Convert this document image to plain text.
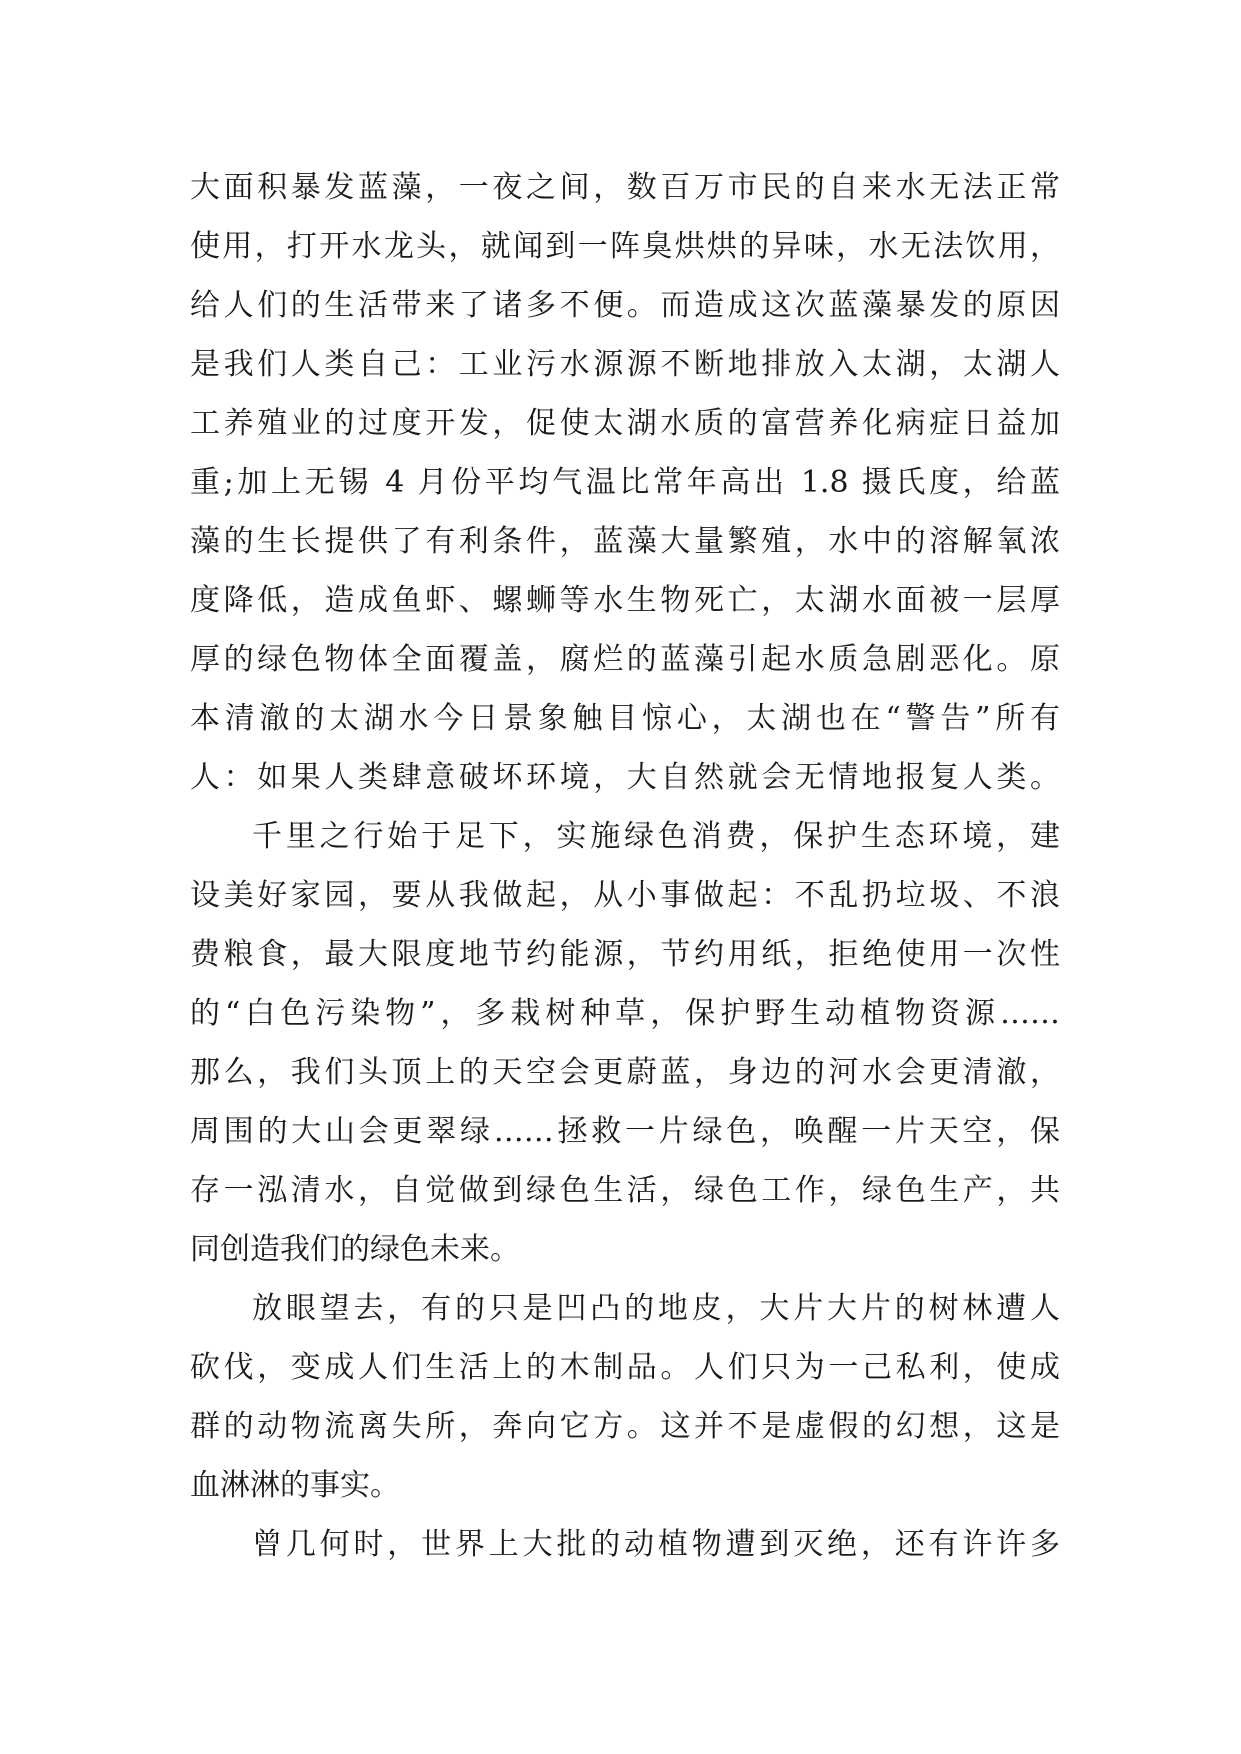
大面积暴发蓝藻，一夜之间，数百万市民的自来水无法正常
使用，打开水龙头，就闻到一阵臭烘烘的异味，水无法饮用，
给人们的生活带来了诸多不便。而造成这次蓝藻暴发的原因
是我们人类自己：工业污水源源不断地排放入太湖，太湖人
工养殖业的过度开发，促使太湖水质的富营养化病症日益加
重;加上无锡 4 月份平均气温比常年高出 1.8 摄氏度，给蓝
藻的生长提供了有利条件，蓝藻大量繁殖，水中的溶解氧浓
度降低，造成鱼虾、螺蛳等水生物死亡，太湖水面被一层厚
厚的绿色物体全面覆盖，腐烂的蓝藻引起水质急剧恶化。原
本清澈的太湖水今日景象触目惊心，太湖也在“警告”所有
人：如果人类肆意破坏环境，大自然就会无情地报复人类。
千里之行始于足下，实施绿色消费，保护生态环境，建
设美好家园，要从我做起，从小事做起：不乱扔垃圾、不浪
费粮食，最大限度地节约能源，节约用纸，拒绝使用一次性
的“白色污染物”，多栽树种草，保护野生动植物资源……
那么，我们头顶上的天空会更蔚蓝，身边的河水会更清澈，
周围的大山会更翠绿……拯救一片绿色，唤醒一片天空，保
存一泓清水，自觉做到绿色生活，绿色工作，绿色生产，共
同创造我们的绿色未来。
放眼望去，有的只是凹凸的地皮，大片大片的树林遭人
砍伐，变成人们生活上的木制品。人们只为一己私利，使成
群的动物流离失所，奔向它方。这并不是虚假的幻想，这是
血淋淋的事实。
曾几何时，世界上大批的动植物遭到灭绝，还有许许多
